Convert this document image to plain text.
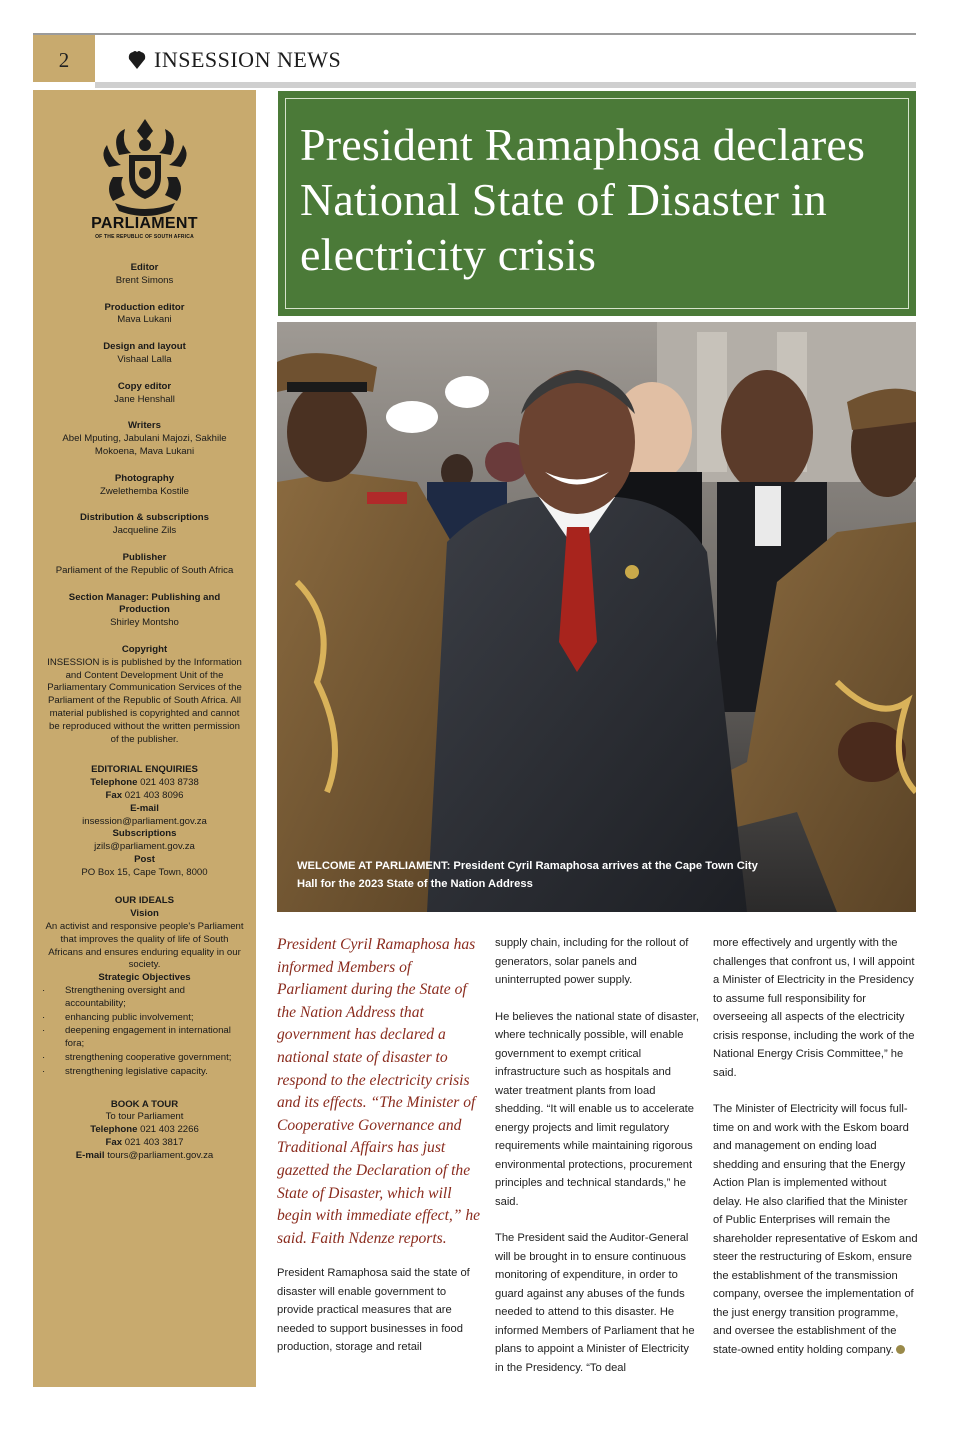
2	INSESSION NEWS
PARLIAMENT
OF THE REPUBLIC OF SOUTH AFRICA
Editor
Brent Simons
Production editor
Mava Lukani
Design and layout
Vishaal Lalla
Copy editor
Jane Henshall
Writers
Abel Mputing, Jabulani Majozi, Sakhile Mokoena, Mava Lukani
Photography
Zwelethemba Kostile
Distribution & subscriptions
Jacqueline Zils
Publisher
Parliament of the Republic of South Africa
Section Manager: Publishing and Production
Shirley Montsho
Copyright
INSESSION is is published by the Information and Content Development Unit of the Parliamentary Communication Services of the Parliament of the Republic of South Africa. All material published is copyrighted and cannot be reproduced without the written permission of the publisher.
EDITORIAL ENQUIRIES
Telephone 021 403 8738
Fax 021 403 8096
E-mail
insession@parliament.gov.za
Subscriptions
jzils@parliament.gov.za
Post
PO Box 15, Cape Town, 8000
OUR IDEALS
Vision
An activist and responsive people's Parliament that improves the quality of life of South Africans and ensures enduring equality in our society.
Strategic Objectives
· Strengthening oversight and accountability;
· enhancing public involvement;
· deepening engagement in international fora;
· strengthening cooperative government;
· strengthening legislative capacity.
BOOK A TOUR
To tour Parliament
Telephone 021 403 2266
Fax 021 403 3817
E-mail tours@parliament.gov.za
President Ramaphosa declares National State of Disaster in electricity crisis
WELCOME AT PARLIAMENT: President Cyril Ramaphosa arrives at the Cape Town City Hall for the 2023 State of the Nation Address
President Cyril Ramaphosa has informed Members of Parliament during the State of the Nation Address that government has declared a national state of disaster to respond to the electricity crisis and its effects. “The Minister of Cooperative Governance and Traditional Affairs has just gazetted the Declaration of the State of Disaster, which will begin with immediate effect,” he said. Faith Ndenze reports.
President Ramaphosa said the state of disaster will enable government to provide practical measures that are needed to support businesses in food production, storage and retail
supply chain, including for the rollout of generators, solar panels and uninterrupted power supply.
He believes the national state of disaster, where technically possible, will enable government to exempt critical infrastructure such as hospitals and water treatment plants from load shedding. “It will enable us to accelerate energy projects and limit regulatory requirements while maintaining rigorous environmental protections, procurement principles and technical standards,” he said.
The President said the Auditor-General will be brought in to ensure continuous monitoring of expenditure, in order to guard against any abuses of the funds needed to attend to this disaster. He informed Members of Parliament that he plans to appoint a Minister of Electricity in the Presidency. “To deal
more effectively and urgently with the challenges that confront us, I will appoint a Minister of Electricity in the Presidency to assume full responsibility for overseeing all aspects of the electricity crisis response, including the work of the National Energy Crisis Committee,” he said.
The Minister of Electricity will focus full-time on and work with the Eskom board and management on ending load shedding and ensuring that the Energy Action Plan is implemented without delay. He also clarified that the Minister of Public Enterprises will remain the shareholder representative of Eskom and steer the restructuring of Eskom, ensure the establishment of the transmission company, oversee the implementation of the just energy transition programme, and oversee the establishment of the state-owned entity holding company.
